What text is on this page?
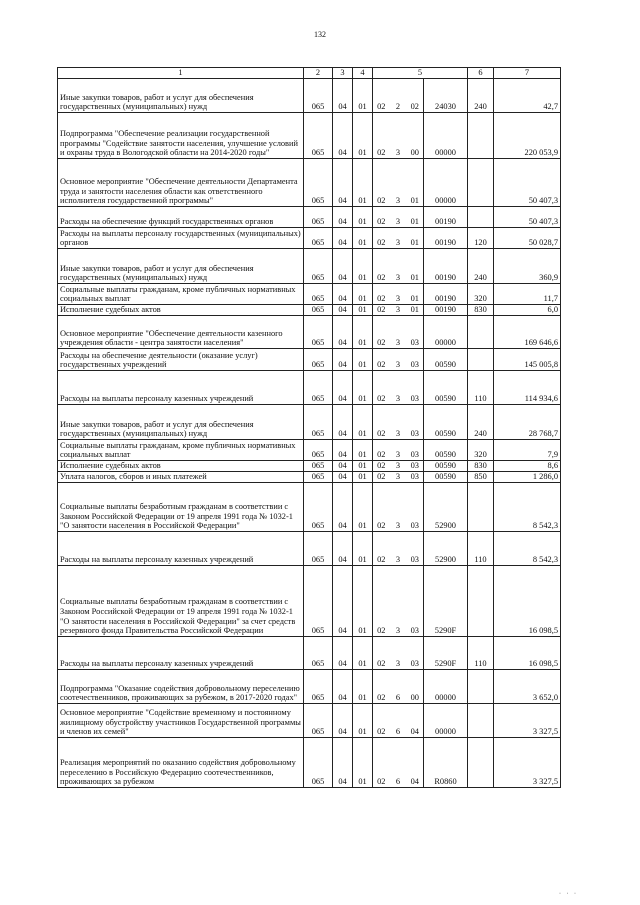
132
1	2	3	4	5				6	7
Иные закупки товаров, работ и услуг для обеспечения государственных (муниципальных) нужд	065	04	01	02	2	02	24030	240	42,7
Подпрограмма "Обеспечение реализации государственной программы "Содействие занятости населения, улучшение условий и охраны труда в Вологодской области на 2014-2020 годы"	065	04	01	02	3	00	00000		220 053,9
Основное мероприятие "Обеспечение деятельности Департамента труда и занятости населения области как ответственного исполнителя государственной программы"	065	04	01	02	3	01	00000		50 407,3
Расходы на обеспечение функций государственных органов	065	04	01	02	3	01	00190		50 407,3
Расходы на выплаты персоналу государственных (муниципальных) органов	065	04	01	02	3	01	00190	120	50 028,7
Иные закупки товаров, работ и услуг для обеспечения государственных (муниципальных) нужд	065	04	01	02	3	01	00190	240	360,9
Социальные выплаты гражданам, кроме публичных нормативных социальных выплат	065	04	01	02	3	01	00190	320	11,7
Исполнение судебных актов	065	04	01	02	3	01	00190	830	6,0
Основное мероприятие "Обеспечение деятельности казенного учреждения области - центра занятости населения"	065	04	01	02	3	03	00000		169 646,6
Расходы на обеспечение деятельности (оказание услуг) государственных учреждений	065	04	01	02	3	03	00590		145 005,8
Расходы на выплаты персоналу казенных учреждений	065	04	01	02	3	03	00590	110	114 934,6
Иные закупки товаров, работ и услуг для обеспечения государственных (муниципальных) нужд	065	04	01	02	3	03	00590	240	28 768,7
Социальные выплаты гражданам, кроме публичных нормативных социальных выплат	065	04	01	02	3	03	00590	320	7,9
Исполнение судебных актов	065	04	01	02	3	03	00590	830	8,6
Уплата налогов, сборов и иных платежей	065	04	01	02	3	03	00590	850	1 286,0
Социальные выплаты безработным гражданам в соответствии с Законом Российской Федерации от 19 апреля 1991 года № 1032-1 "О занятости населения в Российской Федерации"	065	04	01	02	3	03	52900		8 542,3
Расходы на выплаты персоналу казенных учреждений	065	04	01	02	3	03	52900	110	8 542,3
Социальные выплаты безработным гражданам в соответствии с Законом Российской Федерации от 19 апреля 1991 года № 1032-1 "О занятости населения в Российской Федерации" за счет средств резервного фонда Правительства Российской Федерации	065	04	01	02	3	03	5290F		16 098,5
Расходы на выплаты персоналу казенных учреждений	065	04	01	02	3	03	5290F	110	16 098,5
Подпрограмма "Оказание содействия добровольному переселению соотечественников, проживающих за рубежом, в 2017-2020 годах"	065	04	01	02	6	00	00000		3 652,0
Основное мероприятие "Содействие временному и постоянному жилищному обустройству участников Государственной программы и членов их семей"	065	04	01	02	6	04	00000		3 327,5
Реализация мероприятий по оказанию содействия добровольному переселению в Российскую Федерацию соотечественников, проживающих за рубежом	065	04	01	02	6	04	R0860		3 327,5
· · ·
